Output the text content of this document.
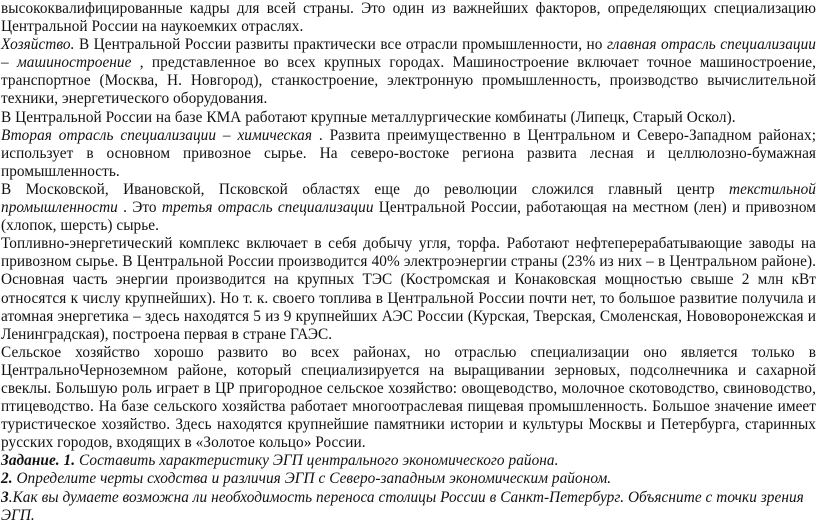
высококвалифицированные кадры для всей страны. Это один из важнейших факторов, определяющих специализацию Центральной России на наукоемких отраслях.

Хозяйство. В Центральной России развиты практически все отрасли промышленности, но главная отрасль специализации – машиностроение , представленное во всех крупных городах. Машиностроение включает точное машиностроение, транспортное (Москва, Н. Новгород), станкостроение, электронную промышленность, производство вычислительной техники, энергетического оборудования.

В Центральной России на базе КМА работают крупные металлургические комбинаты (Липецк, Старый Оскол).

Вторая отрасль специализации – химическая . Развита преимущественно в Центральном и Северо-Западном районах; использует в основном привозное сырье. На северо-востоке региона развита лесная и целлюлозно-бумажная промышленность.

В Московской, Ивановской, Псковской областях еще до революции сложился главный центр текстильной промышленности . Это третья отрасль специализации Центральной России, работающая на местном (лен) и привозном (хлопок, шерсть) сырье.

Топливно-энергетический комплекс включает в себя добычу угля, торфа. Работают нефтеперерабатывающие заводы на привозном сырье. В Центральной России производится 40% электроэнергии страны (23% из них – в Центральном районе). Основная часть энергии производится на крупных ТЭС (Костромская и Конаковская мощностью свыше 2 млн кВт относятся к числу крупнейших). Но т. к. своего топлива в Центральной России почти нет, то большое развитие получила и атомная энергетика – здесь находятся 5 из 9 крупнейших АЭС России (Курская, Тверская, Смоленская, Нововоронежская и Ленинградская), построена первая в стране ГАЭС.

Сельское хозяйство хорошо развито во всех районах, но отраслью специализации оно является только в ЦентральноЧерноземном районе, который специализируется на выращивании зерновых, подсолнечника и сахарной свеклы. Большую роль играет в ЦР пригородное сельское хозяйство: овощеводство, молочное скотоводство, свиноводство, птицеводство. На базе сельского хозяйства работает многоотраслевая пищевая промышленность. Большое значение имеет туристическое хозяйство. Здесь находятся крупнейшие памятники истории и культуры Москвы и Петербурга, старинных русских городов, входящих в «Золотое кольцо» России.

Задание. 1. Составить характеристику ЭГП центрального экономического района.

2. Определите черты сходства и различия ЭГП с Северо-западным экономическим районом.

3.Как вы думаете возможна ли необходимость переноса столицы России в Санкт-Петербург. Объясните с точки зрения ЭГП.
